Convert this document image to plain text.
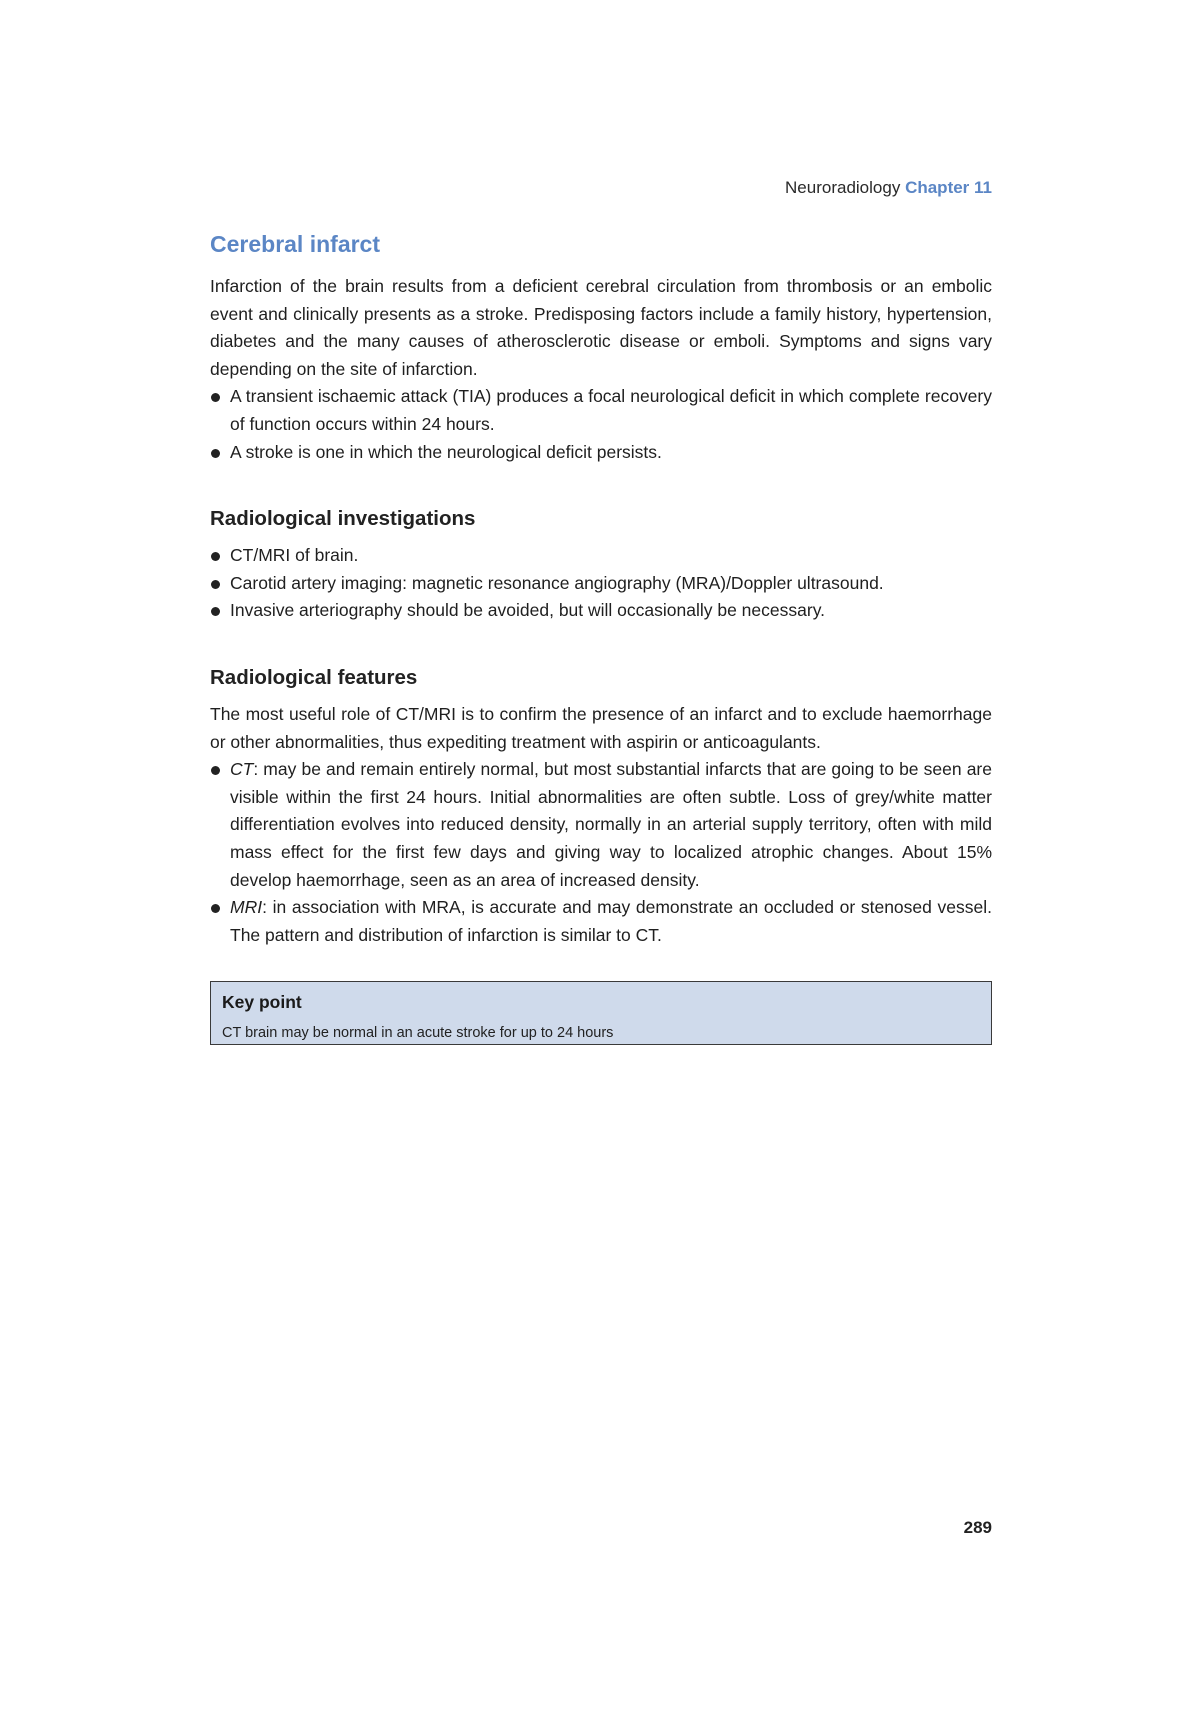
Neuroradiology Chapter 11
Cerebral infarct

Infarction of the brain results from a deficient cerebral circulation from thrombosis or an embolic event and clinically presents as a stroke. Predisposing factors include a family history, hypertension, diabetes and the many causes of atherosclerotic disease or emboli. Symptoms and signs vary depending on the site of infarction.

A transient ischaemic attack (TIA) produces a focal neurological deficit in which complete recovery of function occurs within 24 hours.
A stroke is one in which the neurological deficit persists.
Radiological investigations
CT/MRI of brain.
Carotid artery imaging: magnetic resonance angiography (MRA)/Doppler ultrasound.
Invasive arteriography should be avoided, but will occasionally be necessary.
Radiological features

The most useful role of CT/MRI is to confirm the presence of an infarct and to exclude haemorrhage or other abnormalities, thus expediting treatment with aspirin or anticoagulants.

CT: may be and remain entirely normal, but most substantial infarcts that are going to be seen are visible within the first 24 hours. Initial abnormalities are often subtle. Loss of grey/white matter differentiation evolves into reduced density, normally in an arterial supply territory, often with mild mass effect for the first few days and giving way to localized atrophic changes. About 15% develop haemorrhage, seen as an area of increased density.
MRI: in association with MRA, is accurate and may demonstrate an occluded or stenosed vessel. The pattern and distribution of infarction is similar to CT.
Key point
CT brain may be normal in an acute stroke for up to 24 hours
289
